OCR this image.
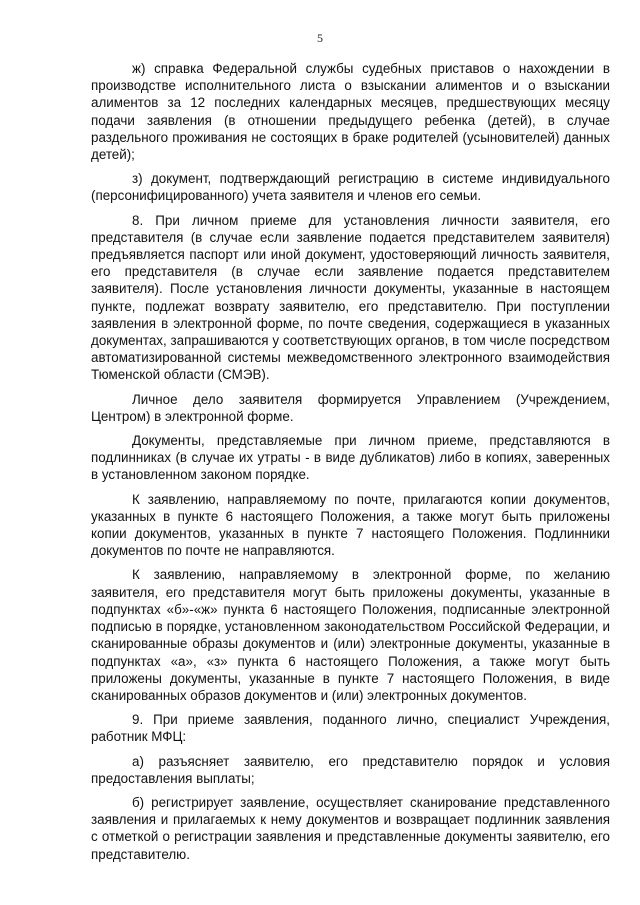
5

ж) справка Федеральной службы судебных приставов о нахождении в производстве исполнительного листа о взыскании алиментов и о взыскании алиментов за 12 последних календарных месяцев, предшествующих месяцу подачи заявления (в отношении предыдущего ребенка (детей), в случае раздельного проживания не состоящих в браке родителей (усыновителей) данных детей);

з) документ, подтверждающий регистрацию в системе индивидуального (персонифицированного) учета заявителя и членов его семьи.

8. При личном приеме для установления личности заявителя, его представителя (в случае если заявление подается представителем заявителя) предъявляется паспорт или иной документ, удостоверяющий личность заявителя, его представителя (в случае если заявление подается представителем заявителя). После установления личности документы, указанные в настоящем пункте, подлежат возврату заявителю, его представителю. При поступлении заявления в электронной форме, по почте сведения, содержащиеся в указанных документах, запрашиваются у соответствующих органов, в том числе посредством автоматизированной системы межведомственного электронного взаимодействия Тюменской области (СМЭВ).

Личное дело заявителя формируется Управлением (Учреждением, Центром) в электронной форме.

Документы, представляемые при личном приеме, представляются в подлинниках (в случае их утраты - в виде дубликатов) либо в копиях, заверенных в установленном законом порядке.

К заявлению, направляемому по почте, прилагаются копии документов, указанных в пункте 6 настоящего Положения, а также могут быть приложены копии документов, указанных в пункте 7 настоящего Положения. Подлинники документов по почте не направляются.

К заявлению, направляемому в электронной форме, по желанию заявителя, его представителя могут быть приложены документы, указанные в подпунктах «б»-«ж» пункта 6 настоящего Положения, подписанные электронной подписью в порядке, установленном законодательством Российской Федерации, и сканированные образы документов и (или) электронные документы, указанные в подпунктах «а», «з» пункта 6 настоящего Положения, а также могут быть приложены документы, указанные в пункте 7 настоящего Положения, в виде сканированных образов документов и (или) электронных документов.

9. При приеме заявления, поданного лично, специалист Учреждения, работник МФЦ:

а) разъясняет заявителю, его представителю порядок и условия предоставления выплаты;

б) регистрирует заявление, осуществляет сканирование представленного заявления и прилагаемых к нему документов и возвращает подлинник заявления с отметкой о регистрации заявления и представленные документы заявителю, его представителю.
